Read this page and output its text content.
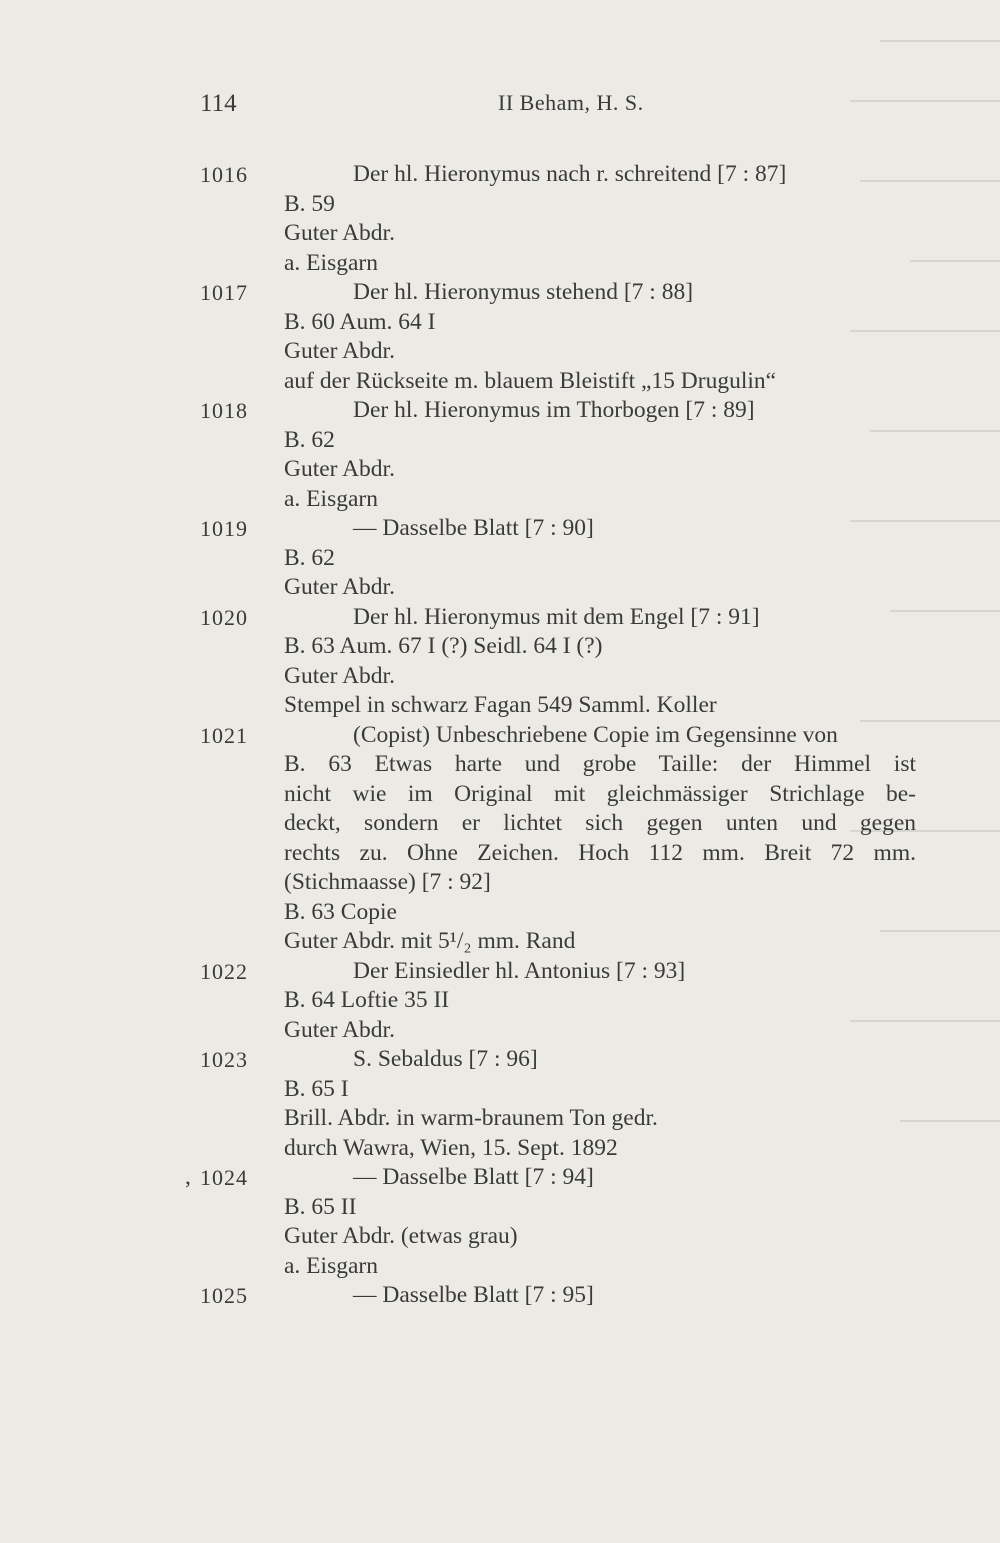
114	II Beham, H. S.
1016	Der hl. Hieronymus nach r. schreitend [7 : 87]
B. 59
Guter Abdr.
a. Eisgarn
1017	Der hl. Hieronymus stehend [7 : 88]
B. 60 Aum. 64 I
Guter Abdr.
auf der Rückseite m. blauem Bleistift „15 Drugulin“
1018	Der hl. Hieronymus im Thorbogen [7 : 89]
B. 62
Guter Abdr.
a. Eisgarn
1019	— Dasselbe Blatt [7 : 90]
B. 62
Guter Abdr.
1020	Der hl. Hieronymus mit dem Engel [7 : 91]
B. 63 Aum. 67 I (?) Seidl. 64 I (?)
Guter Abdr.
Stempel in schwarz Fagan 549 Samml. Koller
1021	(Copist) Unbeschriebene Copie im Gegensinne von
B. 63 Etwas harte und grobe Taille: der Himmel ist
nicht wie im Original mit gleichmässiger Strichlage be-
deckt, sondern er lichtet sich gegen unten und gegen
rechts zu. Ohne Zeichen. Hoch 112 mm. Breit 72 mm.
(Stichmaasse) [7 : 92]
B. 63 Copie
Guter Abdr. mit 5¹/₂ mm. Rand
1022	Der Einsiedler hl. Antonius [7 : 93]
B. 64 Loftie 35 II
Guter Abdr.
1023	S. Sebaldus [7 : 96]
B. 65 I
Brill. Abdr. in warm-braunem Ton gedr.
durch Wawra, Wien, 15. Sept. 1892
, 1024	— Dasselbe Blatt [7 : 94]
B. 65 II
Guter Abdr. (etwas grau)
a. Eisgarn
1025	— Dasselbe Blatt [7 : 95]
